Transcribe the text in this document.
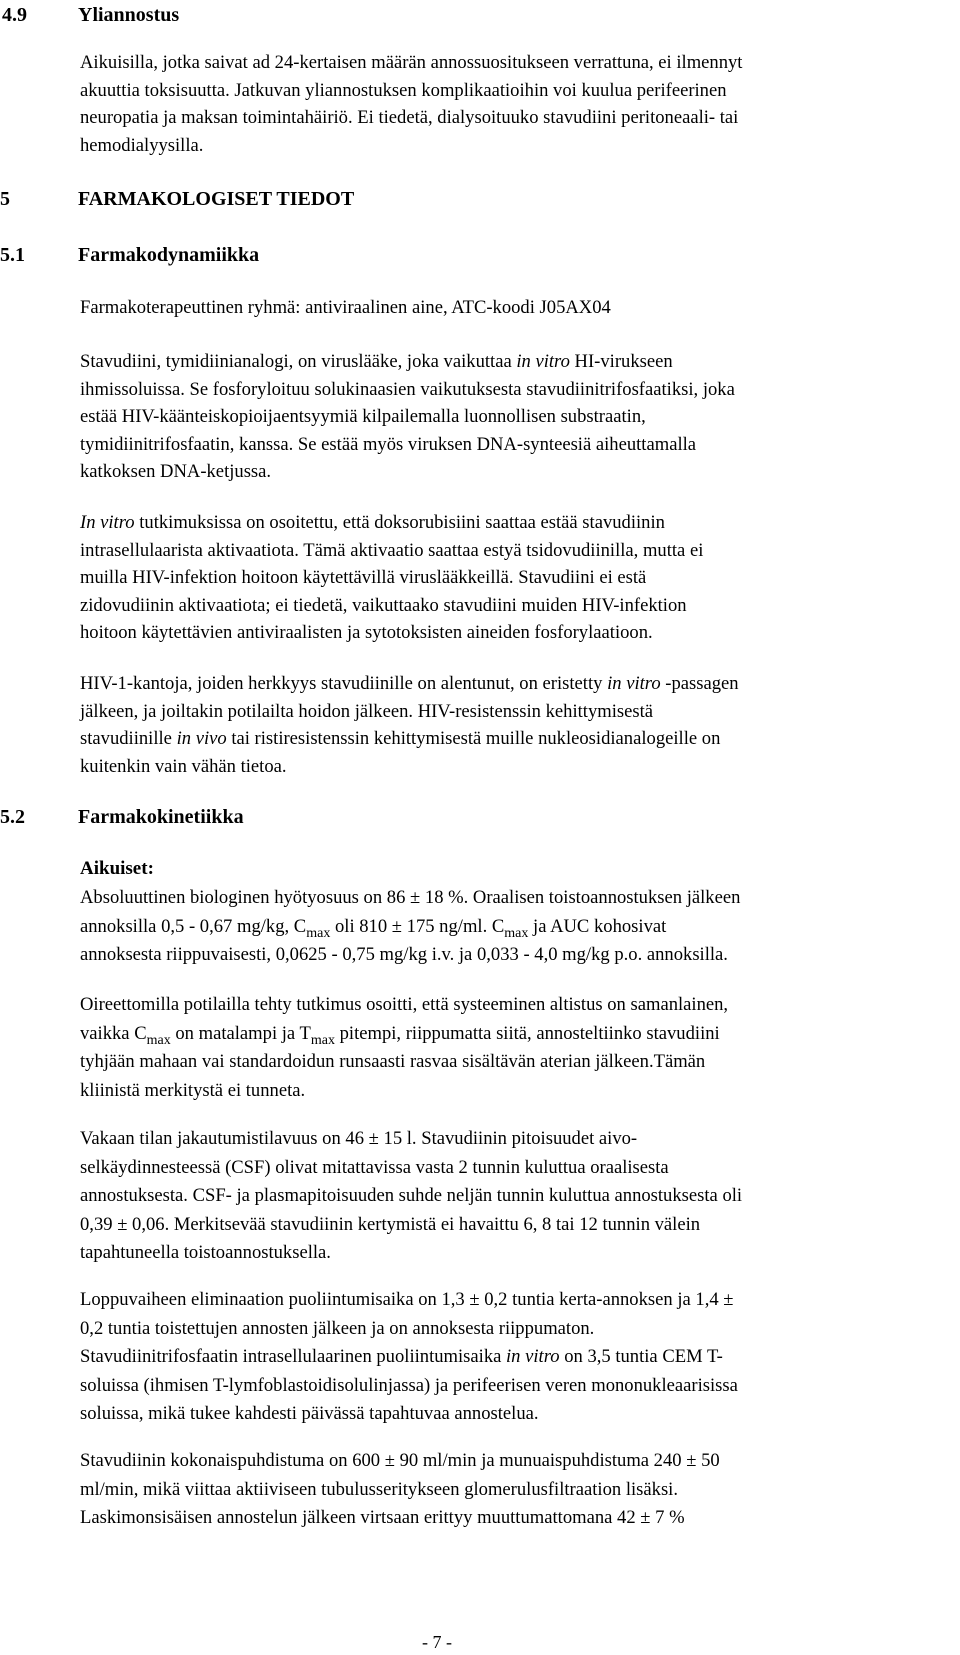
4.9	Yliannostus
Aikuisilla, jotka saivat ad 24-kertaisen määrän annossuositukseen verrattuna, ei ilmennyt
akuuttia toksisuutta. Jatkuvan yliannostuksen komplikaatioihin voi kuulua perifeerinen
neuropatia ja maksan toimintahäiriö. Ei tiedetä, dialysoituuko stavudiini peritoneaali- tai
hemodialyysilla.
5	FARMAKOLOGISET TIEDOT
5.1	Farmakodynamiikka
Farmakoterapeuttinen ryhmä: antiviraalinen aine, ATC-koodi J05AX04
Stavudiini, tymidiinianalogi, on viruslääke, joka vaikuttaa in vitro HI-virukseen
ihmissoluissa. Se fosforyloituu solukinaasien vaikutuksesta stavudiinitrifosfaatiksi, joka
estää HIV-käänteiskopioijaentsyymiä kilpailemalla luonnollisen substraatin,
tymidiinitrifosfaatin, kanssa. Se estää myös viruksen DNA-synteesiä aiheuttamalla
katkoksen DNA-ketjussa.
In vitro tutkimuksissa on osoitettu, että doksorubisiini saattaa estää stavudiinin
intrasellulaarista aktivaatiota. Tämä aktivaatio saattaa estyä tsidovudiinilla, mutta ei
muilla HIV-infektion hoitoon käytettävillä viruslääkkeillä. Stavudiini ei estä
zidovudiinin aktivaatiota; ei tiedetä, vaikuttaako stavudiini muiden HIV-infektion
hoitoon käytettävien antiviraalisten ja sytotoksisten aineiden fosforylaatioon.
HIV-1-kantoja, joiden herkkyys stavudiinille on alentunut, on eristetty in vitro -passagen
jälkeen, ja joiltakin potilailta hoidon jälkeen. HIV-resistenssin kehittymisestä
stavudiinille in vivo tai ristiresistenssin kehittymisestä muille nukleosidianalogeille on
kuitenkin vain vähän tietoa.
5.2	Farmakokinetiikka
Aikuiset:
Absoluuttinen biologinen hyötyosuus on 86 ± 18 %. Oraalisen toistoannostuksen jälkeen
annoksilla 0,5 - 0,67 mg/kg, $C_{max}$ oli 810 ± 175 ng/ml. $C_{max}$ ja AUC kohosivat
annoksesta riippuvaisesti, 0,0625 - 0,75 mg/kg i.v. ja 0,033 - 4,0 mg/kg p.o. annoksilla.
Oireettomilla potilailla tehty tutkimus osoitti, että systeeminen altistus on samanlainen,
vaikka $C_{max}$ on matalampi ja $T_{max}$ pitempi, riippumatta siitä, annosteltiinko stavudiini
tyhjään mahaan vai standardoidun runsaasti rasvaa sisältävän aterian jälkeen.Tämän
kliinistä merkitystä ei tunneta.
Vakaan tilan jakautumistilavuus on 46 ± 15 l. Stavudiinin pitoisuudet aivo-
selkäydinnesteessä (CSF) olivat mitattavissa vasta 2 tunnin kuluttua oraalisesta
annostuksesta. CSF- ja plasmapitoisuuden suhde neljän tunnin kuluttua annostuksesta oli
0,39 ± 0,06. Merkitsevää stavudiinin kertymistä ei havaittu 6, 8 tai 12 tunnin välein
tapahtuneella toistoannostuksella.
Loppuvaiheen eliminaation puoliintumisaika on 1,3 ± 0,2 tuntia kerta-annoksen ja 1,4 ±
0,2 tuntia toistettujen annosten jälkeen ja on annoksesta riippumaton.
Stavudiinitrifosfaatin intrasellulaarinen puoliintumisaika in vitro on 3,5 tuntia CEM T-
soluissa (ihmisen T-lymfoblastoidisolulinjassa) ja perifeerisen veren mononukleaarisissa
soluissa, mikä tukee kahdesti päivässä tapahtuvaa annostelua.
Stavudiinin kokonaispuhdistuma on 600 ± 90 ml/min ja munuaispuhdistuma 240 ± 50
ml/min, mikä viittaa aktiiviseen tubulusseritykseen glomerulusfiltraation lisäksi.
Laskimonsisäisen annostelun jälkeen virtsaan erittyy muuttumattomana 42 ± 7 %
- 7 -
